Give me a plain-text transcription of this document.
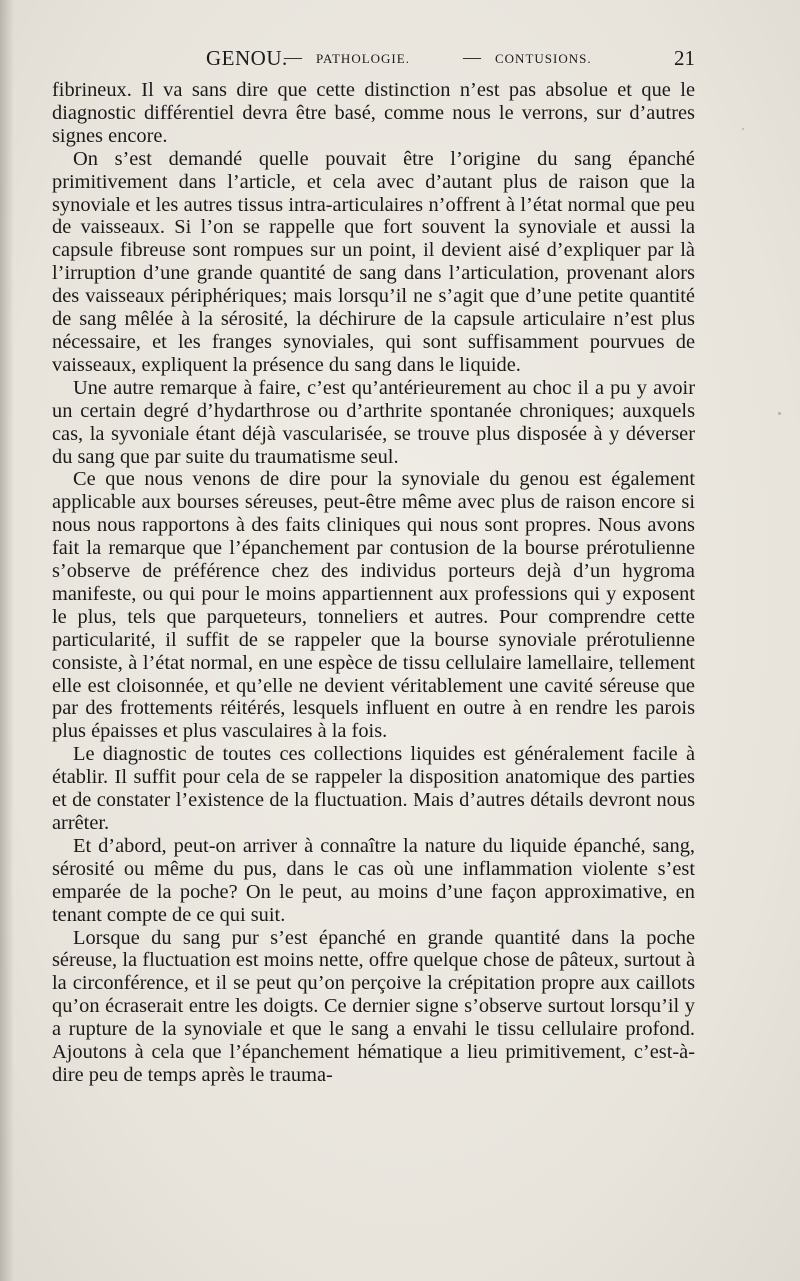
GENOU.
— PATHOLOGIE.	— CONTUSIONS.	21

fibrineux. Il va sans dire que cette distinction n’est pas absolue et que le diagnostic différentiel devra être basé, comme nous le verrons, sur d’autres signes encore.

On s’est demandé quelle pouvait être l’origine du sang épanché primitivement dans l’article, et cela avec d’autant plus de raison que la synoviale et les autres tissus intra-articulaires n’offrent à l’état normal que peu de vaisseaux. Si l’on se rappelle que fort souvent la synoviale et aussi la capsule fibreuse sont rompues sur un point, il devient aisé d’expliquer par là l’irruption d’une grande quantité de sang dans l’articulation, provenant alors des vaisseaux périphériques; mais lorsqu’il ne s’agit que d’une petite quantité de sang mêlée à la sérosité, la déchirure de la capsule articulaire n’est plus nécessaire, et les franges synoviales, qui sont suffisamment pourvues de vaisseaux, expliquent la présence du sang dans le liquide.

Une autre remarque à faire, c’est qu’antérieurement au choc il a pu y avoir un certain degré d’hydarthrose ou d’arthrite spontanée chroniques; auxquels cas, la syvoniale étant déjà vascularisée, se trouve plus disposée à y déverser du sang que par suite du traumatisme seul.

Ce que nous venons de dire pour la synoviale du genou est également applicable aux bourses séreuses, peut-être même avec plus de raison encore si nous nous rapportons à des faits cliniques qui nous sont propres. Nous avons fait la remarque que l’épanchement par contusion de la bourse prérotulienne s’observe de préférence chez des individus porteurs dejà d’un hygroma manifeste, ou qui pour le moins appartiennent aux professions qui y exposent le plus, tels que parqueteurs, tonneliers et autres. Pour comprendre cette particularité, il suffit de se rappeler que la bourse synoviale prérotulienne consiste, à l’état normal, en une espèce de tissu cellulaire lamellaire, tellement elle est cloisonnée, et qu’elle ne devient véritablement une cavité séreuse que par des frottements réitérés, lesquels influent en outre à en rendre les parois plus épaisses et plus vasculaires à la fois.

Le diagnostic de toutes ces collections liquides est généralement facile à établir. Il suffit pour cela de se rappeler la disposition anatomique des parties et de constater l’existence de la fluctuation. Mais d’autres détails devront nous arrêter.

Et d’abord, peut-on arriver à connaître la nature du liquide épanché, sang, sérosité ou même du pus, dans le cas où une inflammation violente s’est emparée de la poche? On le peut, au moins d’une façon approximative, en tenant compte de ce qui suit.

Lorsque du sang pur s’est épanché en grande quantité dans la poche séreuse, la fluctuation est moins nette, offre quelque chose de pâteux, surtout à la circonférence, et il se peut qu’on perçoive la crépitation propre aux caillots qu’on écraserait entre les doigts. Ce dernier signe s’observe surtout lorsqu’il y a rupture de la synoviale et que le sang a envahi le tissu cellulaire profond. Ajoutons à cela que l’épanchement hématique a lieu primitivement, c’est-à-dire peu de temps après le trauma-
